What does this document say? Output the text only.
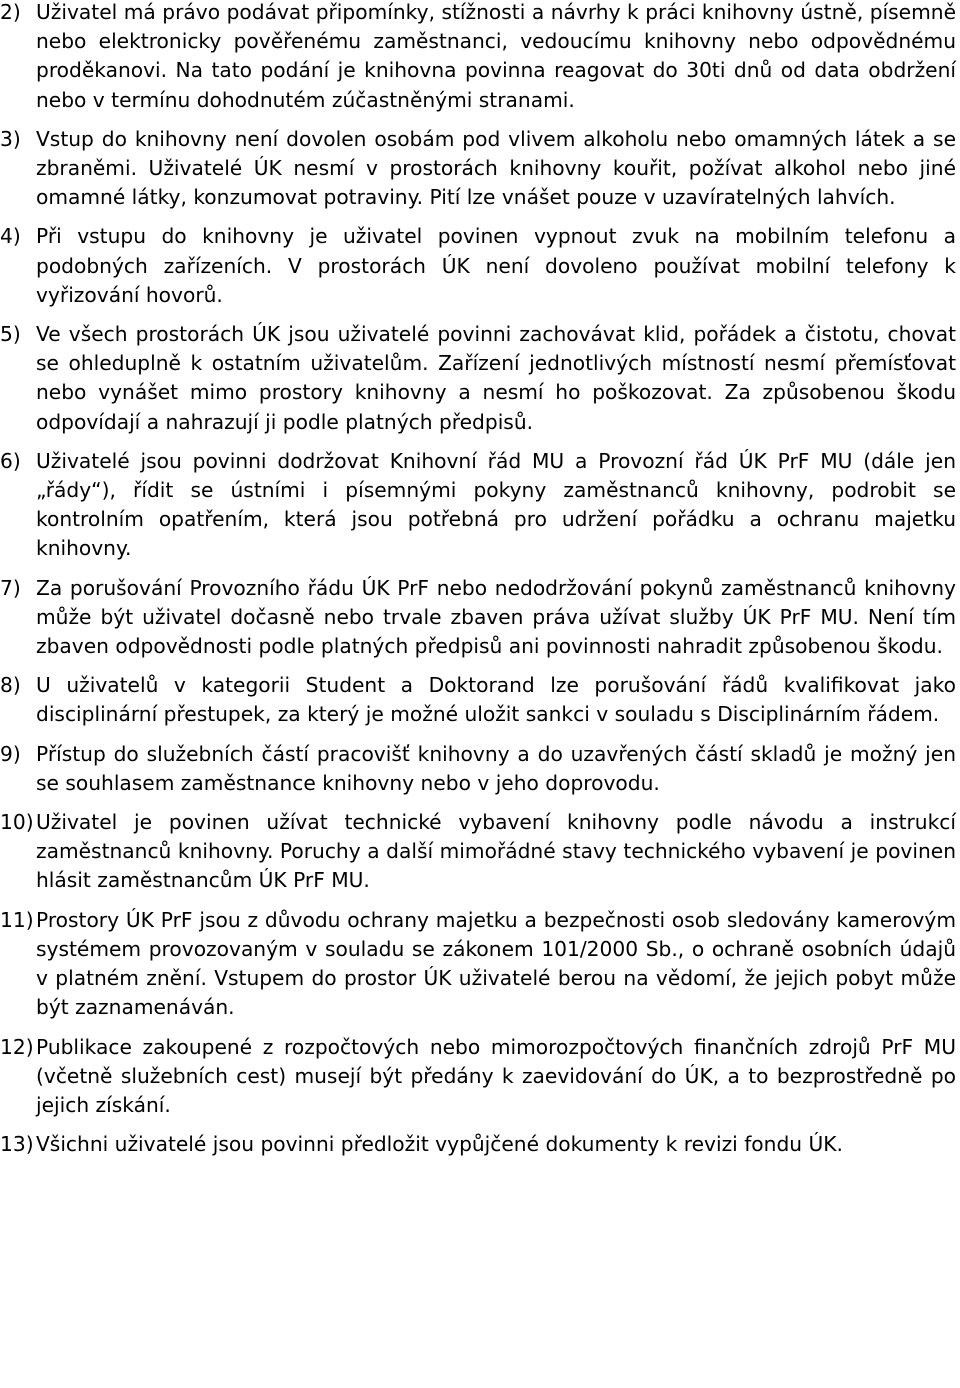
2) Uživatel má právo podávat připomínky, stížnosti a návrhy k práci knihovny ústně, písemně nebo elektronicky pověřenému zaměstnanci, vedoucímu knihovny nebo odpovědnému proděkanovi. Na tato podání je knihovna povinna reagovat do 30ti dnů od data obdržení nebo v termínu dohodnutém zúčastněnými stranami.
3) Vstup do knihovny není dovolen osobám pod vlivem alkoholu nebo omamných látek a se zbraněmi. Uživatelé ÚK nesmí v prostorách knihovny kouřit, požívat alkohol nebo jiné omamné látky, konzumovat potraviny. Pití lze vnášet pouze v uzavíratelných lahvích.
4) Při vstupu do knihovny je uživatel povinen vypnout zvuk na mobilním telefonu a podobných zařízeních. V prostorách ÚK není dovoleno používat mobilní telefony k vyřizování hovorů.
5) Ve všech prostorách ÚK jsou uživatelé povinni zachovávat klid, pořádek a čistotu, chovat se ohleduplně k ostatním uživatelům. Zařízení jednotlivých místností nesmí přemísťovat nebo vynášet mimo prostory knihovny a nesmí ho poškozovat. Za způsobenou škodu odpovídají a nahrazují ji podle platných předpisů.
6) Uživatelé jsou povinni dodržovat Knihovní řád MU a Provozní řád ÚK PrF MU (dále jen „řády“), řídit se ústními i písemnými pokyny zaměstnanců knihovny, podrobit se kontrolním opatřením, která jsou potřebná pro udržení pořádku a ochranu majetku knihovny.
7) Za porušování Provozního řádu ÚK PrF nebo nedodržování pokynů zaměstnanců knihovny může být uživatel dočasně nebo trvale zbaven práva užívat služby ÚK PrF MU. Není tím zbaven odpovědnosti podle platných předpisů ani povinnosti nahradit způsobenou škodu.
8) U uživatelů v kategorii Student a Doktorand lze porušování řádů kvalifikovat jako disciplinární přestupek, za který je možné uložit sankci v souladu s Disciplinárním řádem.
9) Přístup do služebních částí pracovišť knihovny a do uzavřených částí skladů je možný jen se souhlasem zaměstnance knihovny nebo v jeho doprovodu.
10) Uživatel je povinen užívat technické vybavení knihovny podle návodu a instrukcí zaměstnanců knihovny. Poruchy a další mimořádné stavy technického vybavení je povinen hlásit zaměstnancům ÚK PrF MU.
11) Prostory ÚK PrF jsou z důvodu ochrany majetku a bezpečnosti osob sledovány kamerovým systémem provozovaným v souladu se zákonem 101/2000 Sb., o ochraně osobních údajů v platném znění. Vstupem do prostor ÚK uživatelé berou na vědomí, že jejich pobyt může být zaznamenáván.
12) Publikace zakoupené z rozpočtových nebo mimorozpočtových finančních zdrojů PrF MU (včetně služebních cest) musejí být předány k zaevidování do ÚK, a to bezprostředně po jejich získání.
13) Všichni uživatelé jsou povinni předložit vypůjčené dokumenty k revizi fondu ÚK.
